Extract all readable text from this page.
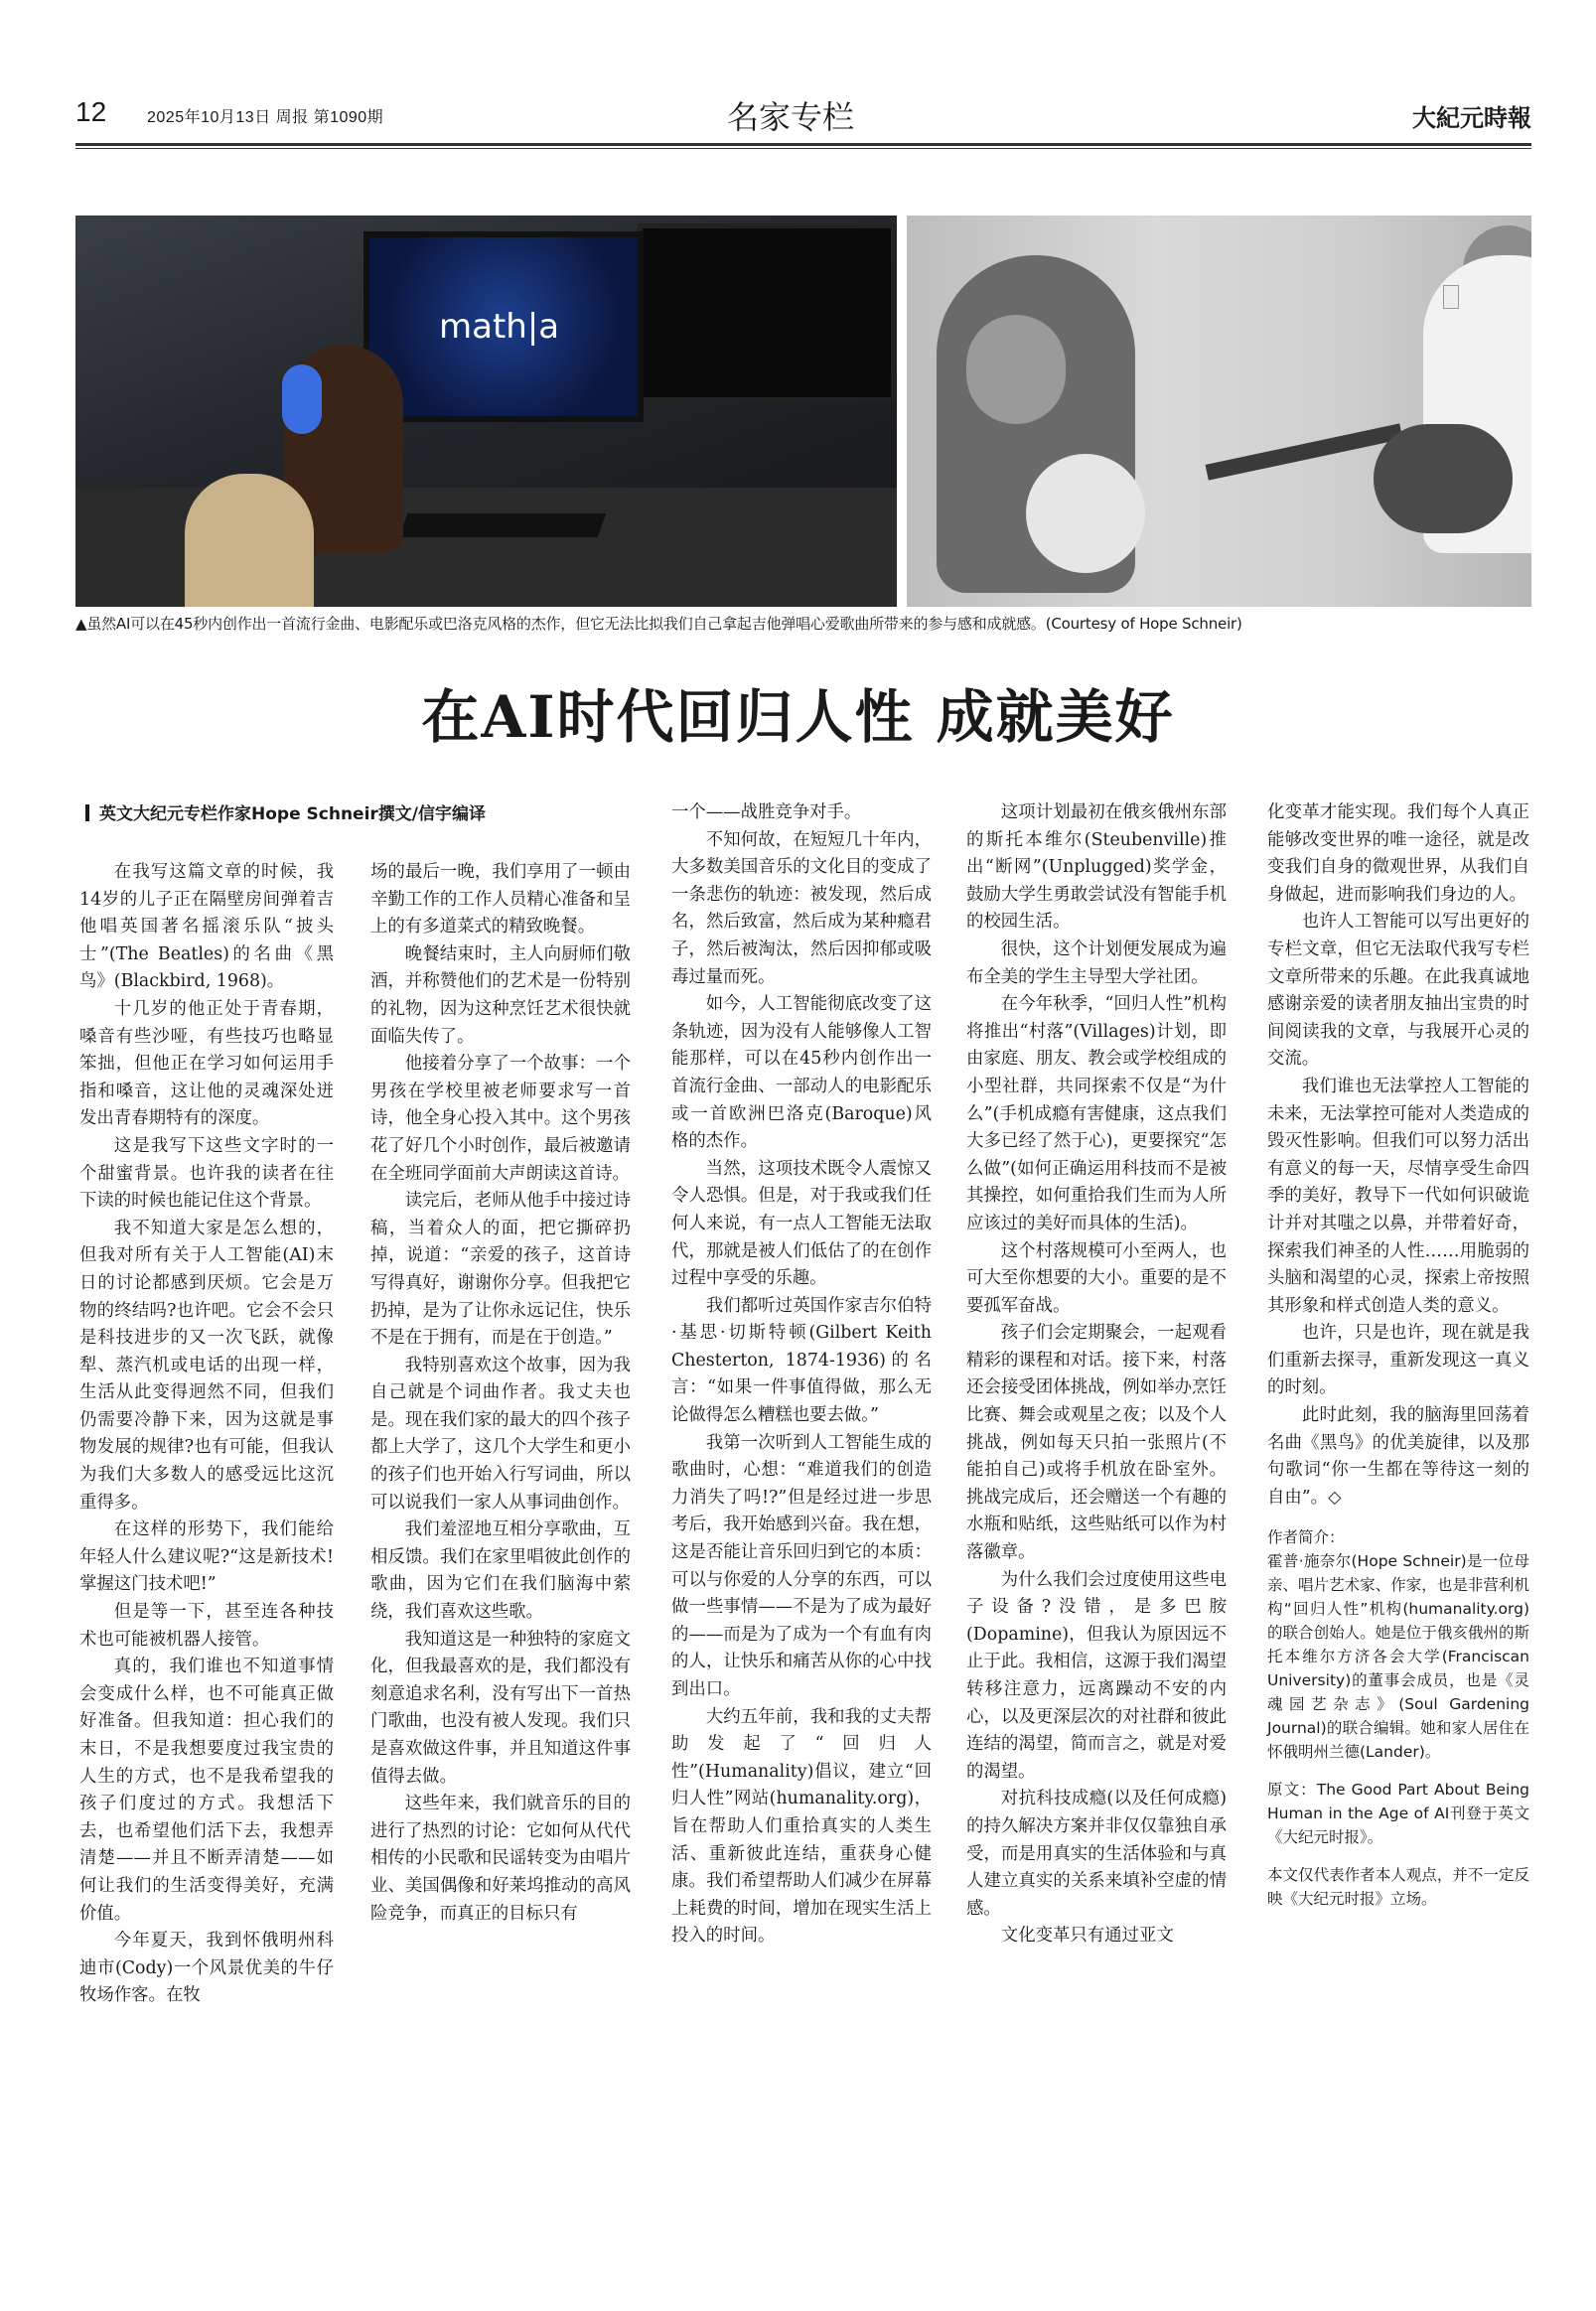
12	2025年10月13日 周报 第1090期	名家专栏	大紀元時報
math|a
▲虽然AI可以在45秒内创作出一首流行金曲、电影配乐或巴洛克风格的杰作，但它无法比拟我们自己拿起吉他弹唱心爱歌曲所带来的参与感和成就感。(Courtesy of Hope Schneir)
在AI时代回归人性 成就美好
英文大纪元专栏作家Hope Schneir撰文/信宇编译

在我写这篇文章的时候，我14岁的儿子正在隔壁房间弹着吉他唱英国著名摇滚乐队“披头士”(The Beatles)的名曲《黑鸟》(Blackbird, 1968)。

十几岁的他正处于青春期，嗓音有些沙哑，有些技巧也略显笨拙，但他正在学习如何运用手指和嗓音，这让他的灵魂深处迸发出青春期特有的深度。

这是我写下这些文字时的一个甜蜜背景。也许我的读者在往下读的时候也能记住这个背景。

我不知道大家是怎么想的，但我对所有关于人工智能(AI)末日的讨论都感到厌烦。它会是万物的终结吗?也许吧。它会不会只是科技进步的又一次飞跃，就像犁、蒸汽机或电话的出现一样，生活从此变得迥然不同，但我们仍需要冷静下来，因为这就是事物发展的规律?也有可能，但我认为我们大多数人的感受远比这沉重得多。

在这样的形势下，我们能给年轻人什么建议呢?“这是新技术!掌握这门技术吧!”

但是等一下，甚至连各种技术也可能被机器人接管。

真的，我们谁也不知道事情会变成什么样，也不可能真正做好准备。但我知道：担心我们的末日，不是我想要度过我宝贵的人生的方式，也不是我希望我的孩子们度过的方式。我想活下去，也希望他们活下去，我想弄清楚——并且不断弄清楚——如何让我们的生活变得美好，充满价值。

今年夏天，我到怀俄明州科迪市(Cody)一个风景优美的牛仔牧场作客。在牧

场的最后一晚，我们享用了一顿由辛勤工作的工作人员精心准备和呈上的有多道菜式的精致晚餐。

晚餐结束时，主人向厨师们敬酒，并称赞他们的艺术是一份特别的礼物，因为这种烹饪艺术很快就面临失传了。

他接着分享了一个故事：一个男孩在学校里被老师要求写一首诗，他全身心投入其中。这个男孩花了好几个小时创作，最后被邀请在全班同学面前大声朗读这首诗。

读完后，老师从他手中接过诗稿，当着众人的面，把它撕碎扔掉，说道：“亲爱的孩子，这首诗写得真好，谢谢你分享。但我把它扔掉，是为了让你永远记住，快乐不是在于拥有，而是在于创造。”

我特别喜欢这个故事，因为我自己就是个词曲作者。我丈夫也是。现在我们家的最大的四个孩子都上大学了，这几个大学生和更小的孩子们也开始入行写词曲，所以可以说我们一家人从事词曲创作。

我们羞涩地互相分享歌曲，互相反馈。我们在家里唱彼此创作的歌曲，因为它们在我们脑海中萦绕，我们喜欢这些歌。

我知道这是一种独特的家庭文化，但我最喜欢的是，我们都没有刻意追求名利，没有写出下一首热门歌曲，也没有被人发现。我们只是喜欢做这件事，并且知道这件事值得去做。

这些年来，我们就音乐的目的进行了热烈的讨论：它如何从代代相传的小民歌和民谣转变为由唱片业、美国偶像和好莱坞推动的高风险竞争，而真正的目标只有

一个——战胜竞争对手。

不知何故，在短短几十年内，大多数美国音乐的文化目的变成了一条悲伤的轨迹：被发现，然后成名，然后致富，然后成为某种瘾君子，然后被淘汰，然后因抑郁或吸毒过量而死。

如今，人工智能彻底改变了这条轨迹，因为没有人能够像人工智能那样，可以在45秒内创作出一首流行金曲、一部动人的电影配乐或一首欧洲巴洛克(Baroque)风格的杰作。

当然，这项技术既令人震惊又令人恐惧。但是，对于我或我们任何人来说，有一点人工智能无法取代，那就是被人们低估了的在创作过程中享受的乐趣。

我们都听过英国作家吉尔伯特·基思·切斯特顿(Gilbert Keith Chesterton, 1874-1936)的名言：“如果一件事值得做，那么无论做得怎么糟糕也要去做。”

我第一次听到人工智能生成的歌曲时，心想：“难道我们的创造力消失了吗!?”但是经过进一步思考后，我开始感到兴奋。我在想，这是否能让音乐回归到它的本质：可以与你爱的人分享的东西，可以做一些事情——不是为了成为最好的——而是为了成为一个有血有肉的人，让快乐和痛苦从你的心中找到出口。

大约五年前，我和我的丈夫帮助发起了“回归人性”(Humanality)倡议，建立“回归人性”网站(humanality.org)，旨在帮助人们重拾真实的人类生活、重新彼此连结，重获身心健康。我们希望帮助人们减少在屏幕上耗费的时间，增加在现实生活上投入的时间。

这项计划最初在俄亥俄州东部的斯托本维尔(Steubenville)推出“断网”(Unplugged)奖学金，鼓励大学生勇敢尝试没有智能手机的校园生活。

很快，这个计划便发展成为遍布全美的学生主导型大学社团。

在今年秋季，“回归人性”机构将推出“村落”(Villages)计划，即由家庭、朋友、教会或学校组成的小型社群，共同探索不仅是“为什么”(手机成瘾有害健康，这点我们大多已经了然于心)，更要探究“怎么做”(如何正确运用科技而不是被其操控，如何重拾我们生而为人所应该过的美好而具体的生活)。

这个村落规模可小至两人，也可大至你想要的大小。重要的是不要孤军奋战。

孩子们会定期聚会，一起观看精彩的课程和对话。接下来，村落还会接受团体挑战，例如举办烹饪比赛、舞会或观星之夜；以及个人挑战，例如每天只拍一张照片(不能拍自己)或将手机放在卧室外。挑战完成后，还会赠送一个有趣的水瓶和贴纸，这些贴纸可以作为村落徽章。

为什么我们会过度使用这些电子设备?没错，是多巴胺(Dopamine)，但我认为原因远不止于此。我相信，这源于我们渴望转移注意力，远离躁动不安的内心，以及更深层次的对社群和彼此连结的渴望，简而言之，就是对爱的渴望。

对抗科技成瘾(以及任何成瘾)的持久解决方案并非仅仅靠独自承受，而是用真实的生活体验和与真人建立真实的关系来填补空虚的情感。

文化变革只有通过亚文

化变革才能实现。我们每个人真正能够改变世界的唯一途径，就是改变我们自身的微观世界，从我们自身做起，进而影响我们身边的人。

也许人工智能可以写出更好的专栏文章，但它无法取代我写专栏文章所带来的乐趣。在此我真诚地感谢亲爱的读者朋友抽出宝贵的时间阅读我的文章，与我展开心灵的交流。

我们谁也无法掌控人工智能的未来，无法掌控可能对人类造成的毁灭性影响。但我们可以努力活出有意义的每一天，尽情享受生命四季的美好，教导下一代如何识破诡计并对其嗤之以鼻，并带着好奇，探索我们神圣的人性……用脆弱的头脑和渴望的心灵，探索上帝按照其形象和样式创造人类的意义。

也许，只是也许，现在就是我们重新去探寻，重新发现这一真义的时刻。

此时此刻，我的脑海里回荡着名曲《黑鸟》的优美旋律，以及那句歌词“你一生都在等待这一刻的自由”。◇

作者简介：

霍普·施奈尔(Hope Schneir)是一位母亲、唱片艺术家、作家，也是非营利机构“回归人性”机构(humanality.org)的联合创始人。她是位于俄亥俄州的斯托本维尔方济各会大学(Franciscan University)的董事会成员，也是《灵魂园艺杂志》(Soul Gardening Journal)的联合编辑。她和家人居住在怀俄明州兰德(Lander)。

原文：The Good Part About Being Human in the Age of AI刊登于英文《大纪元时报》。

本文仅代表作者本人观点，并不一定反映《大纪元时报》立场。
